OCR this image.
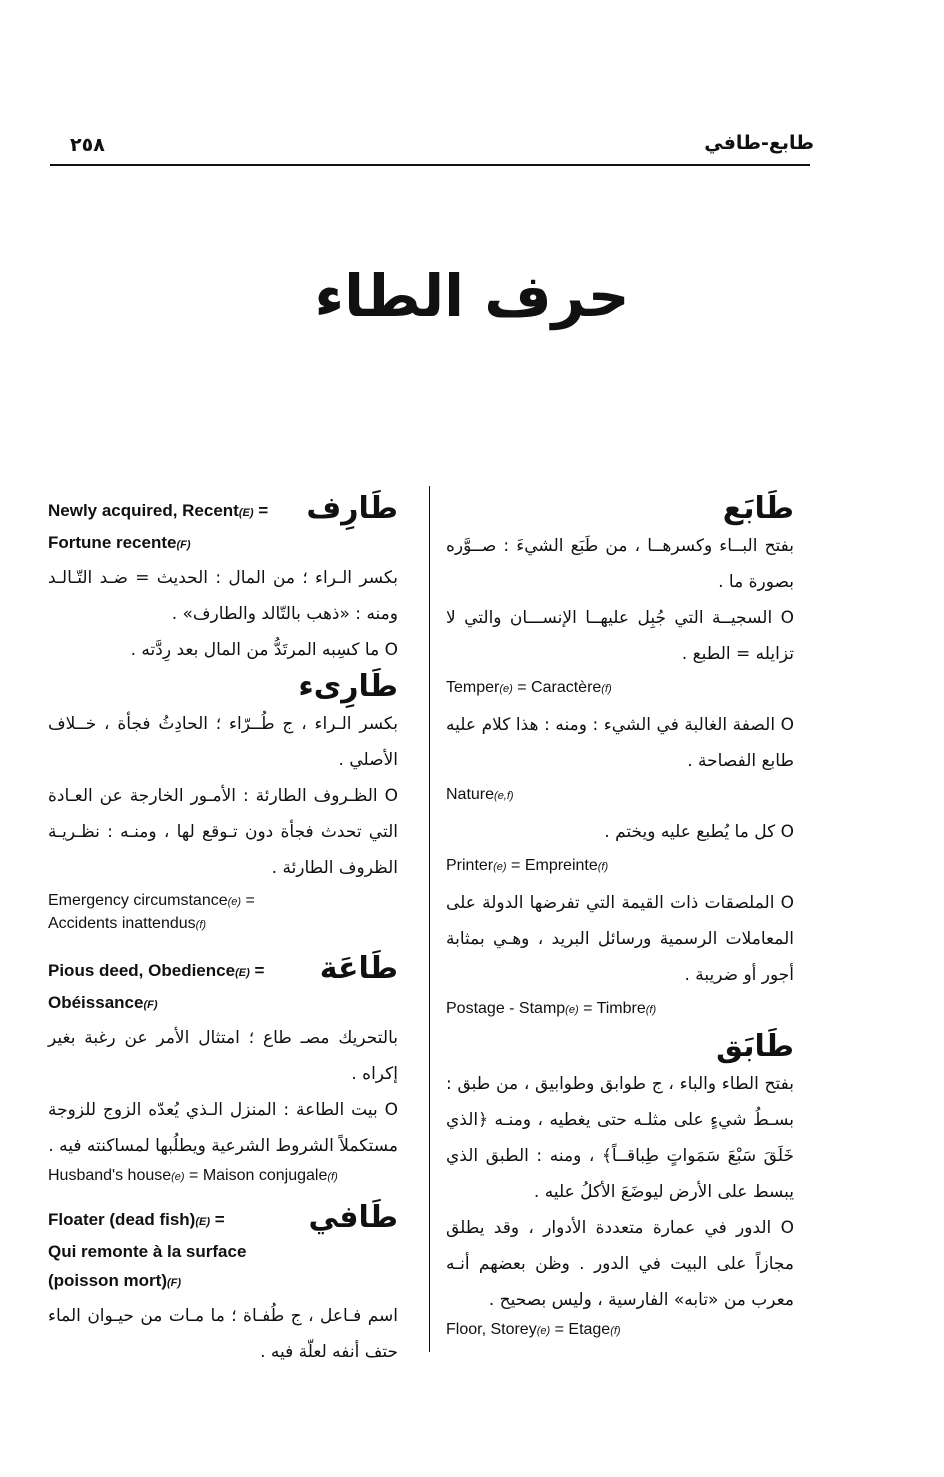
طابع-طافي
٢٥٨
حرف الطاء
طَابَع

بفتح البــاء وكسرهــا ، من طَبَع الشيءَ : صــوَّره بصورة ما .

O السجيــة التي جُبِل عليهــا الإنســـان والتي لا تزايله = الطبع .

Temper(e) = Caractère(f)

O الصفة الغالبة في الشيء : ومنه : هذا كلام عليه طابع الفصاحة .

Nature(e,f)

O كل ما يُطبع عليه ويختم .

Printer(e) = Empreinte(f)

O الملصقات ذات القيمة التي تفرضها الدولة على المعاملات الرسمية ورسائل البريد ، وهـي بمثابة أجور أو ضريبة .

Postage - Stamp(e) = Timbre(f)
طَابَق

بفتح الطاء والباء ، ج طوابق وطوابيق ، من طبق : بسـطُ شيءٍ على مثلـه حتى يغطيه ، ومنـه ﴿الذي خَلَقَ سَبْعَ سَمَواتٍ طِباقــاً﴾ ، ومنه : الطبق الذي يبسط على الأرض ليوضَعَ الأكلُ عليه .

O الدور في عمارة متعددة الأدوار ، وقد يطلق مجازاً على البيت في الدور . وظن بعضهم أنـه معرب من «تابه» الفارسية ، وليس بصحيح .

Floor, Storey(e) = Etage(f)
Newly acquired, Recent(E) =
Fortune recente(F)
طَارِف

بكسر الـراء ؛ من المال : الحديث = ضـد التّـالـد ومنه : «ذهب بالتّالد والطارف» .

O ما كسِبه المرتَدُّ من المال بعد رِدَّته .

طَارِىء

بكسر الـراء ، ج طُــرّاء ؛ الحادِثُ فجأة ، خــلاف الأصلي .

O الظـروف الطارئة : الأمـور الخارجة عن العـادة التي تحدث فجأة دون تـوقع لها ، ومنـه : نظـريـة الظروف الطارئة .

Emergency circumstance(e) =
Accidents inattendus(f)
Pious deed, Obedience(E) =
Obéissance(F)
طَاعَة

بالتحريك مصـ طاع ؛ امتثال الأمر عن رغبة بغير إكراه .

O بيت الطاعة : المنزل الـذي يُعدّه الزوج للزوجة مستكملاً الشروط الشرعية ويطلُبها لمساكنته فيه .

Husband's house(e) = Maison conjugale(f)
Floater (dead fish)(E) =
Qui remonte à la surface
(poisson mort)(F)
طَافي

اسم فـاعل ، ج طُفـاة ؛ ما مـات من حيـوان الماء حتف أنفه لعلّة فيه .
